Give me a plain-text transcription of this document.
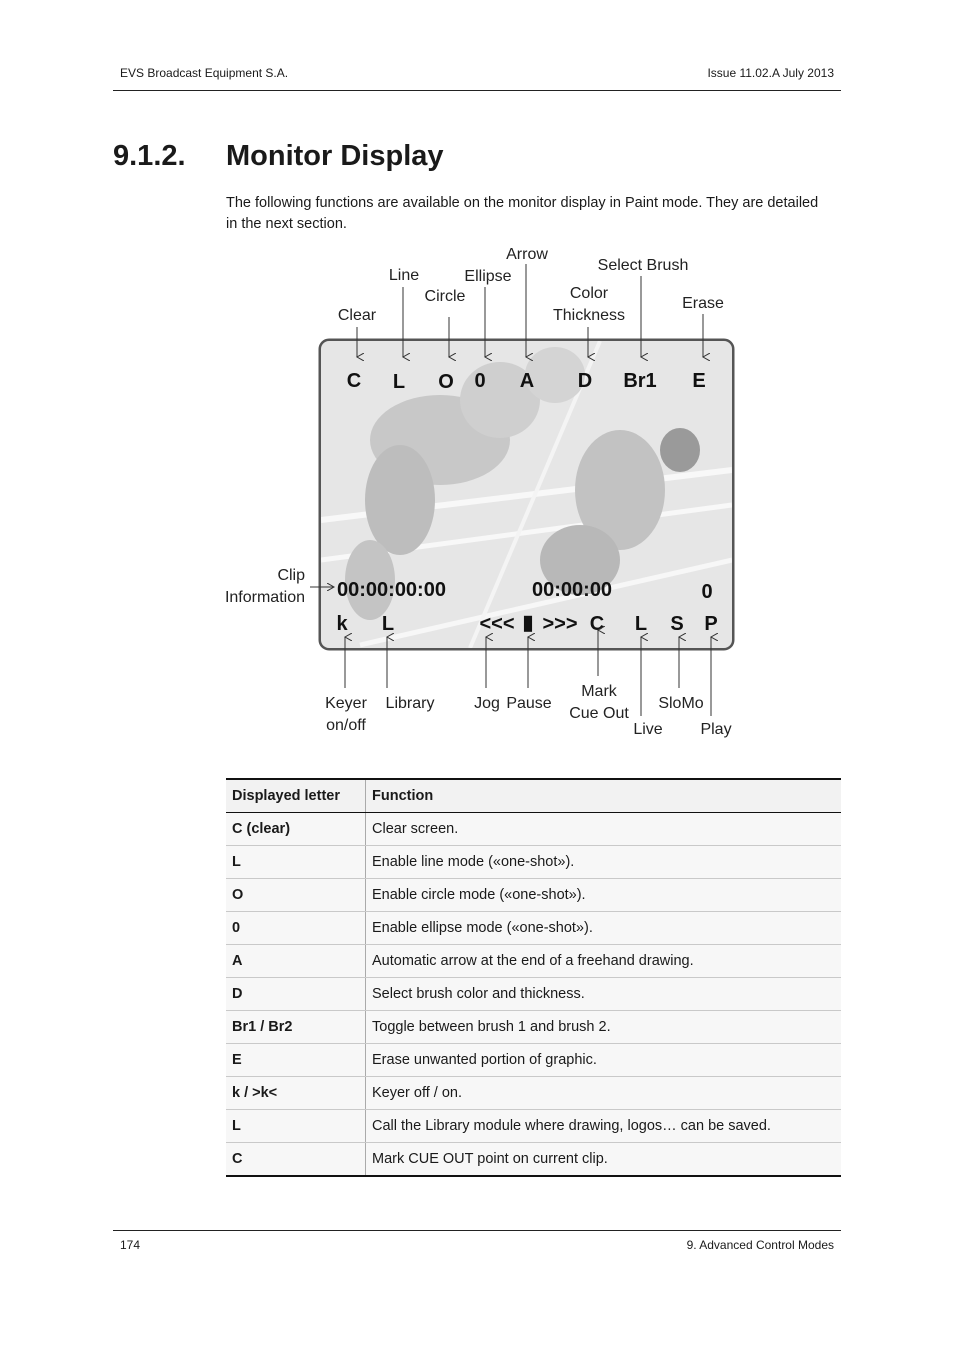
EVS Broadcast Equipment S.A.	Issue 11.02.A July 2013
9.1.2. Monitor Display
The following functions are available on the monitor display in Paint mode. They are detailed in the next section.
C L O 0 A D Br1 E
00:00:00:00	00:00:00	0
k L	<<< ▮ >>> C L S P
Clear
Line
Circle
Ellipse
Arrow
Color
Thickness
Select Brush
Erase
Clip
Information
Keyer
on/off
Library Jog Pause
Mark
Cue Out
Live
SloMo
Play
Displayed letter	Function
C (clear)	Clear screen.
L	Enable line mode («one-shot»).
O	Enable circle mode («one-shot»).
0	Enable ellipse mode («one-shot»).
A	Automatic arrow at the end of a freehand drawing.
D	Select brush color and thickness.
Br1 / Br2	Toggle between brush 1 and brush 2.
E	Erase unwanted portion of graphic.
k / >k<	Keyer off / on.
L	Call the Library module where drawing, logos… can be saved.
C	Mark CUE OUT point on current clip.
174	9. Advanced Control Modes
